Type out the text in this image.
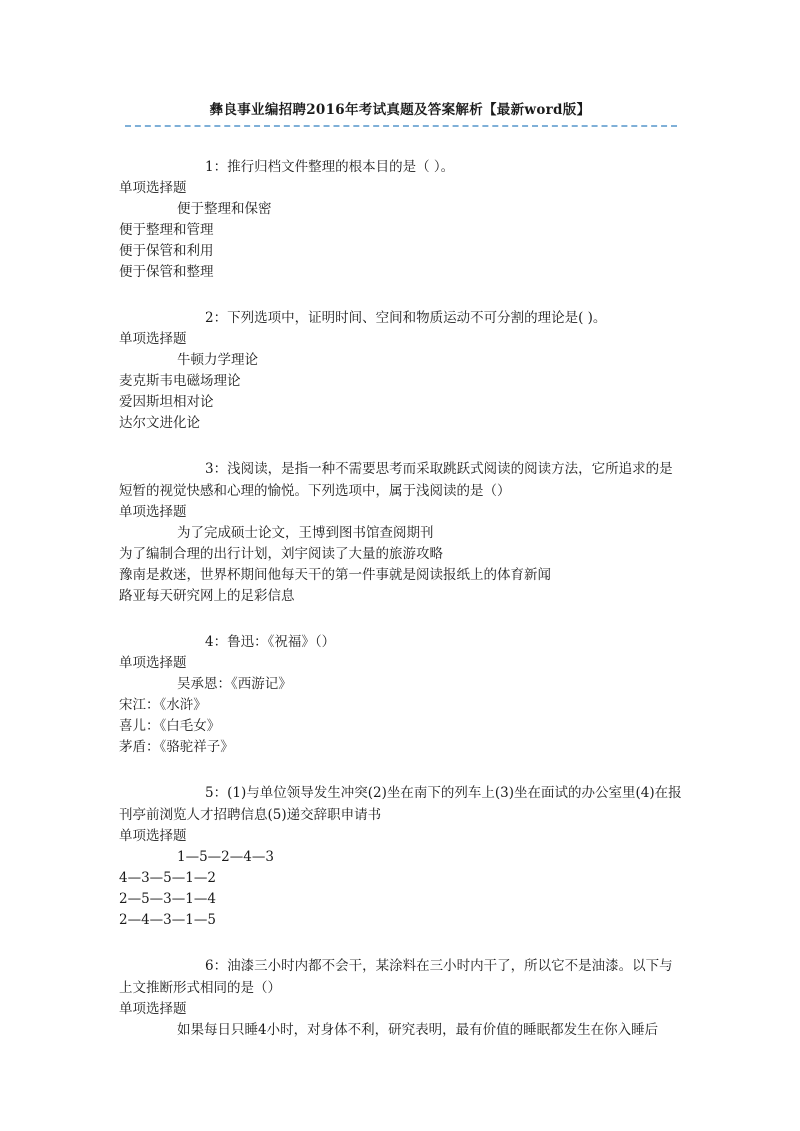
彝良事业编招聘2016年考试真题及答案解析【最新word版】
1：推行归档文件整理的根本目的是（ ）。
单项选择题
便于整理和保密
便于整理和管理
便于保管和利用
便于保管和整理
2：下列选项中，证明时间、空间和物质运动不可分割的理论是( )。
单项选择题
牛顿力学理论
麦克斯韦电磁场理论
爱因斯坦相对论
达尔文进化论
3：浅阅读，是指一种不需要思考而采取跳跃式阅读的阅读方法，它所追求的是短暂的视觉快感和心理的愉悦。下列选项中，属于浅阅读的是（）
单项选择题
为了完成硕士论文，王博到图书馆查阅期刊
为了编制合理的出行计划，刘宇阅读了大量的旅游攻略
豫南是救迷，世界杯期间他每天干的第一件事就是阅读报纸上的体育新闻
路亚每天研究网上的足彩信息
4：鲁迅：《祝福》（）
单项选择题
吴承恩：《西游记》
宋江：《水浒》
喜儿：《白毛女》
茅盾：《骆驼祥子》
5：(1)与单位领导发生冲突(2)坐在南下的列车上(3)坐在面试的办公室里(4)在报刊亭前浏览人才招聘信息(5)递交辞职申请书
单项选择题
1—5—2—4—3
4—3—5—1—2
2—5—3—1—4
2—4—3—1—5
6：油漆三小时内都不会干，某涂料在三小时内干了，所以它不是油漆。以下与上文推断形式相同的是（）
单项选择题
如果每日只睡4小时，对身体不利，研究表明，最有价值的睡眠都发生在你入睡后
